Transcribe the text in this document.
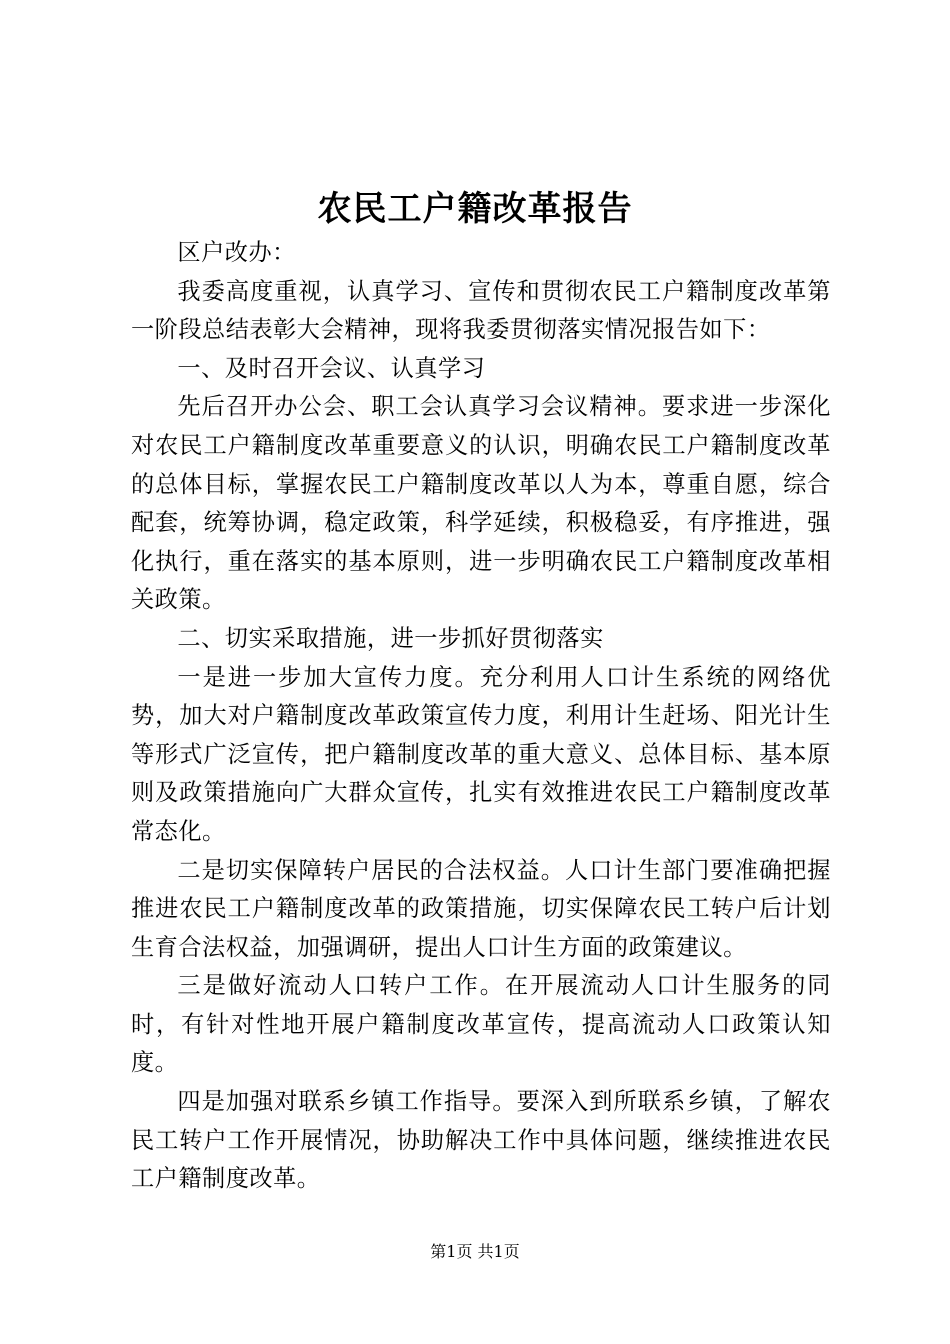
农民工户籍改革报告

区户改办：

我委高度重视，认真学习、宣传和贯彻农民工户籍制度改革第一阶段总结表彰大会精神，现将我委贯彻落实情况报告如下：

一、及时召开会议、认真学习

先后召开办公会、职工会认真学习会议精神。要求进一步深化对农民工户籍制度改革重要意义的认识，明确农民工户籍制度改革的总体目标，掌握农民工户籍制度改革以人为本，尊重自愿，综合配套，统筹协调，稳定政策，科学延续，积极稳妥，有序推进，强化执行，重在落实的基本原则，进一步明确农民工户籍制度改革相关政策。

二、切实采取措施，进一步抓好贯彻落实

一是进一步加大宣传力度。充分利用人口计生系统的网络优势，加大对户籍制度改革政策宣传力度，利用计生赶场、阳光计生等形式广泛宣传，把户籍制度改革的重大意义、总体目标、基本原则及政策措施向广大群众宣传，扎实有效推进农民工户籍制度改革常态化。

二是切实保障转户居民的合法权益。人口计生部门要准确把握推进农民工户籍制度改革的政策措施，切实保障农民工转户后计划生育合法权益，加强调研，提出人口计生方面的政策建议。

三是做好流动人口转户工作。在开展流动人口计生服务的同时，有针对性地开展户籍制度改革宣传，提高流动人口政策认知度。

四是加强对联系乡镇工作指导。要深入到所联系乡镇，了解农民工转户工作开展情况，协助解决工作中具体问题，继续推进农民工户籍制度改革。

第1页 共1页
